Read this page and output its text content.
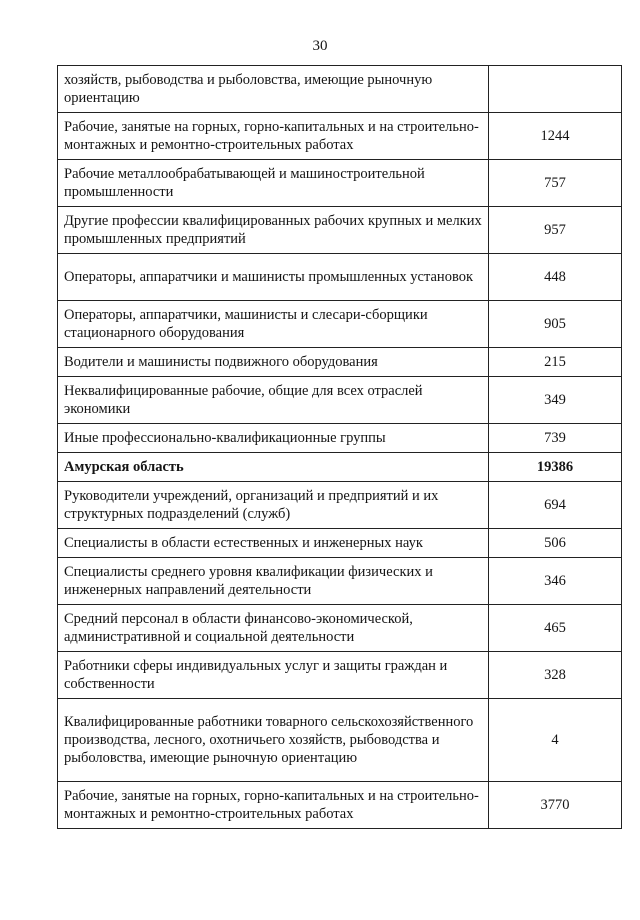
30
хозяйств, рыбоводства и рыболовства, имеющие рыночную ориентацию	
Рабочие, занятые на горных, горно-капитальных и на строительно-монтажных и ремонтно-строительных работах	1244
Рабочие металлообрабатывающей и машиностроительной промышленности	757
Другие профессии квалифицированных рабочих крупных и мелких промышленных предприятий	957
Операторы, аппаратчики и машинисты промышленных установок	448
Операторы, аппаратчики, машинисты и слесари-сборщики стационарного оборудования	905
Водители и машинисты подвижного оборудования	215
Неквалифицированные рабочие, общие для всех отраслей экономики	349
Иные профессионально-квалификационные группы	739
Амурская область	19386
Руководители учреждений, организаций и предприятий и их структурных подразделений (служб)	694
Специалисты в области естественных и инженерных наук	506
Специалисты среднего уровня квалификации физических и инженерных направлений деятельности	346
Средний персонал в области финансово-экономической, административной и социальной деятельности	465
Работники сферы индивидуальных услуг и защиты граждан и собственности	328
Квалифицированные работники товарного сельскохозяйственного производства, лесного, охотничьего хозяйств, рыбоводства и рыболовства, имеющие рыночную ориентацию	4
Рабочие, занятые на горных, горно-капитальных и на строительно-монтажных и ремонтно-строительных работах	3770
